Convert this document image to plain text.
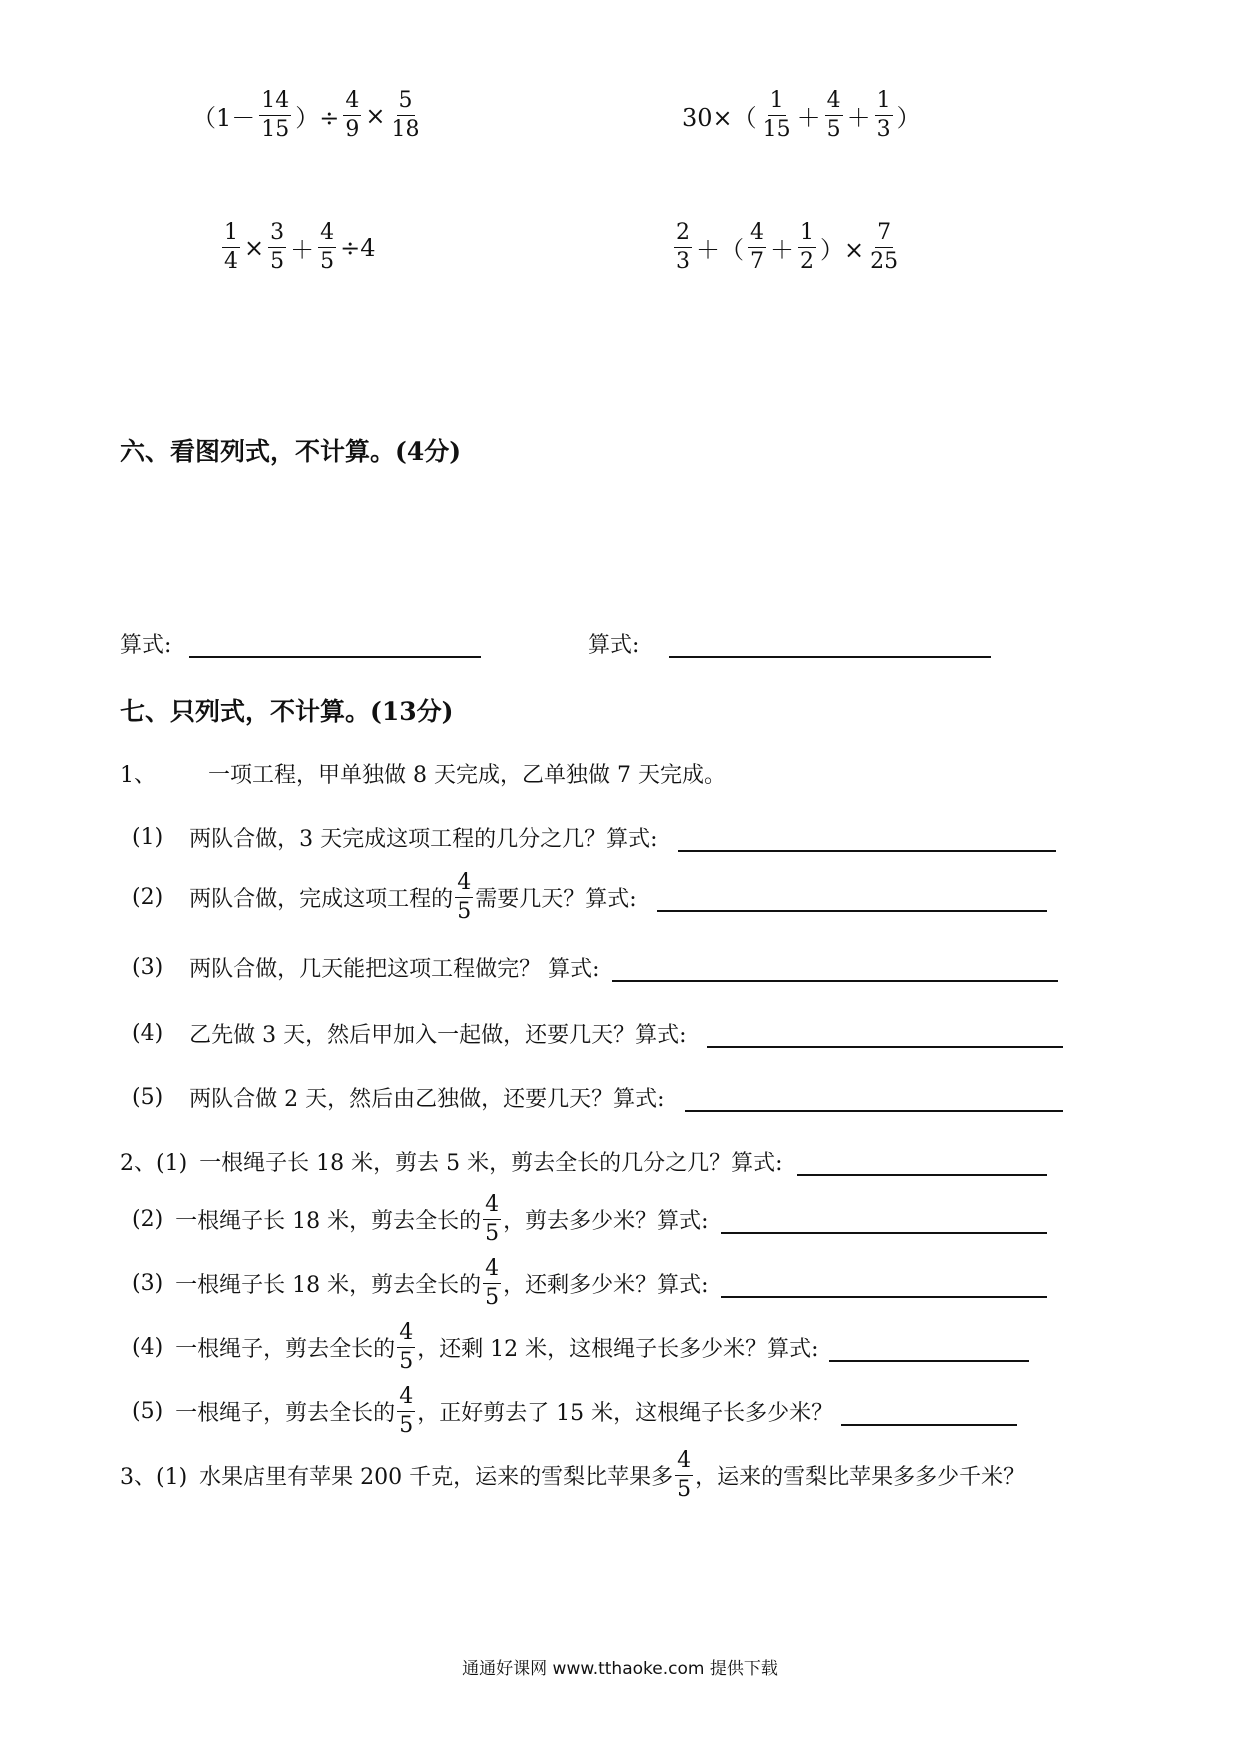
（$1- \frac{14}{15}$ ）÷ $\frac{4}{9} \times \frac{5}{18}$	$30\times( \frac{1}{15} + \frac{4}{5} + \frac{1}{3}$ ）
$\frac{1}{4} \times \frac{3}{5} + \frac{4}{5} \div 4$	$\frac{2}{3}$ ＋（ $\frac{4}{7} + \frac{1}{2}$ ）× $\frac{7}{25}$
六、看图列式，不计算。(4分)
算式:	算式:
七、只列式，不计算。(13分)
1、 一项工程，甲单独做 8 天完成，乙单独做 7 天完成。
(1) 两队合做，3 天完成这项工程的几分之几？算式:
(2) 两队合做，完成这项工程的 $\frac{4}{5}$ 需要几天？算式:
(3) 两队合做，几天能把这项工程做完？ 算式:
(4) 乙先做 3 天，然后甲加入一起做，还要几天？算式:
(5) 两队合做 2 天，然后由乙独做，还要几天？算式:
2、(1) 一根绳子长 18 米，剪去 5 米，剪去全长的几分之几？算式:
(2) 一根绳子长 18 米，剪去全长的 $\frac{4}{5}$ ，剪去多少米？算式:
(3) 一根绳子长 18 米，剪去全长的 $\frac{4}{5}$ ，还剩多少米？算式:
(4) 一根绳子，剪去全长的 $\frac{4}{5}$ ，还剩 12 米，这根绳子长多少米？算式:
(5) 一根绳子，剪去全长的 $\frac{4}{5}$ ，正好剪去了 15 米，这根绳子长多少米？
3、(1) 水果店里有苹果 200 千克，运来的雪梨比苹果多 $\frac{4}{5}$ ，运来的雪梨比苹果多多少千米？
通通好课网 www.tthaoke.com 提供下载
